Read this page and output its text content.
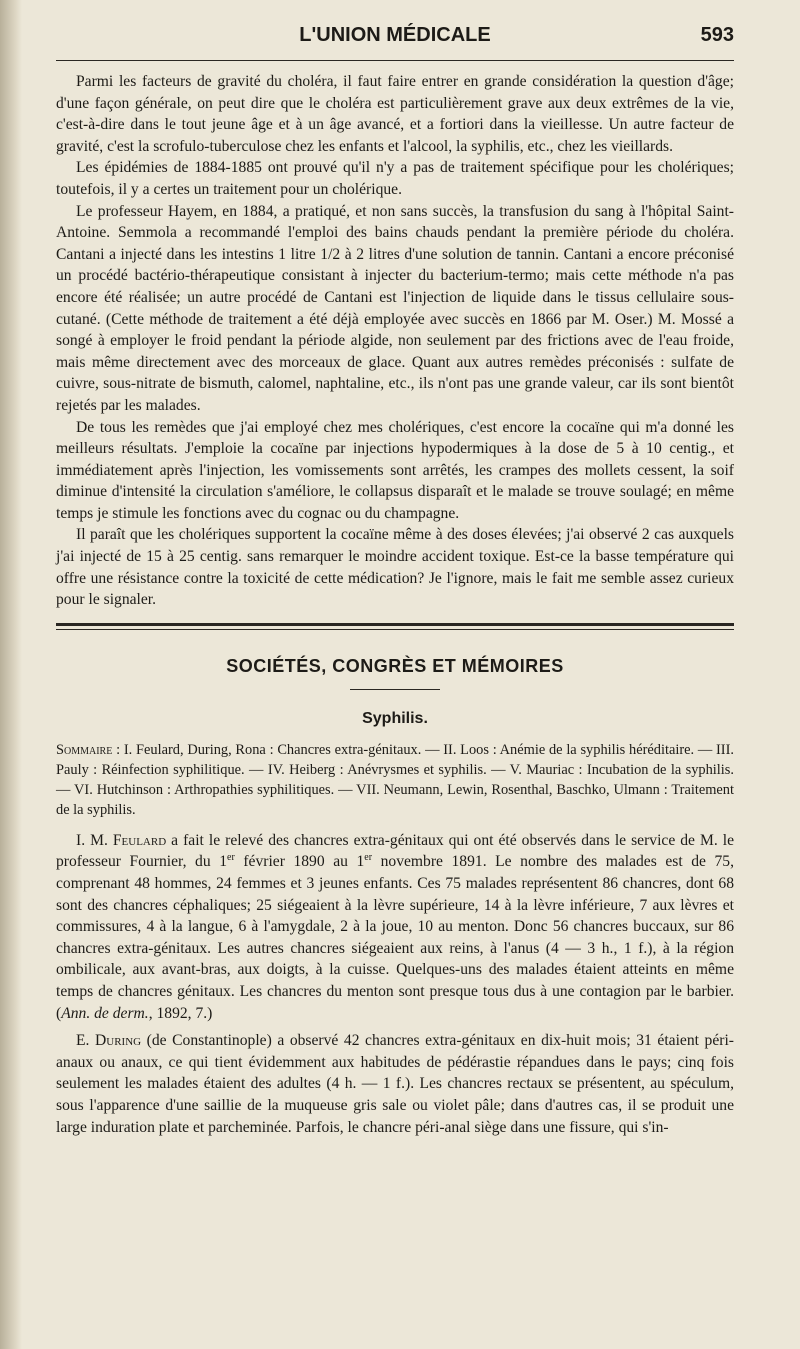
L'UNION MÉDICALE	593

Parmi les facteurs de gravité du choléra, il faut faire entrer en grande considération la question d'âge; d'une façon générale, on peut dire que le choléra est particulièrement grave aux deux extrêmes de la vie, c'est-à-dire dans le tout jeune âge et à un âge avancé, et a fortiori dans la vieillesse. Un autre facteur de gravité, c'est la scrofulo-tuberculose chez les enfants et l'alcool, la syphilis, etc., chez les vieillards.

Les épidémies de 1884-1885 ont prouvé qu'il n'y a pas de traitement spécifique pour les cholériques; toutefois, il y a certes un traitement pour un cholérique.

Le professeur Hayem, en 1884, a pratiqué, et non sans succès, la transfusion du sang à l'hôpital Saint-Antoine. Semmola a recommandé l'emploi des bains chauds pendant la première période du choléra. Cantani a injecté dans les intestins 1 litre 1/2 à 2 litres d'une solution de tannin. Cantani a encore préconisé un procédé bactério-thérapeutique consistant à injecter du bacterium-termo; mais cette méthode n'a pas encore été réalisée; un autre procédé de Cantani est l'injection de liquide dans le tissus cellulaire sous-cutané. (Cette méthode de traitement a été déjà employée avec succès en 1866 par M. Oser.) M. Mossé a songé à employer le froid pendant la période algide, non seulement par des frictions avec de l'eau froide, mais même directement avec des morceaux de glace. Quant aux autres remèdes préconisés : sulfate de cuivre, sous-nitrate de bismuth, calomel, naphtaline, etc., ils n'ont pas une grande valeur, car ils sont bientôt rejetés par les malades.

De tous les remèdes que j'ai employé chez mes cholériques, c'est encore la cocaïne qui m'a donné les meilleurs résultats. J'emploie la cocaïne par injections hypodermiques à la dose de 5 à 10 centig., et immédiatement après l'injection, les vomissements sont arrêtés, les crampes des mollets cessent, la soif diminue d'intensité la circulation s'améliore, le collapsus disparaît et le malade se trouve soulagé; en même temps je stimule les fonctions avec du cognac ou du champagne.

Il paraît que les cholériques supportent la cocaïne même à des doses élevées; j'ai observé 2 cas auxquels j'ai injecté de 15 à 25 centig. sans remarquer le moindre accident toxique. Est-ce la basse température qui offre une résistance contre la toxicité de cette médication? Je l'ignore, mais le fait me semble assez curieux pour le signaler.

SOCIÉTÉS, CONGRÈS ET MÉMOIRES
Syphilis.

Sommaire : I. Feulard, During, Rona : Chancres extra-génitaux. — II. Loos : Anémie de la syphilis héréditaire. — III. Pauly : Réinfection syphilitique. — IV. Heiberg : Anévrysmes et syphilis. — V. Mauriac : Incubation de la syphilis. — VI. Hutchinson : Arthropathies syphilitiques. — VII. Neumann, Lewin, Rosenthal, Baschko, Ulmann : Traitement de la syphilis.

I. M. Feulard a fait le relevé des chancres extra-génitaux qui ont été observés dans le service de M. le professeur Fournier, du 1er février 1890 au 1er novembre 1891. Le nombre des malades est de 75, comprenant 48 hommes, 24 femmes et 3 jeunes enfants. Ces 75 malades représentent 86 chancres, dont 68 sont des chancres céphaliques; 25 siégeaient à la lèvre supérieure, 14 à la lèvre inférieure, 7 aux lèvres et commissures, 4 à la langue, 6 à l'amygdale, 2 à la joue, 10 au menton. Donc 56 chancres buccaux, sur 86 chancres extra-génitaux. Les autres chancres siégeaient aux reins, à l'anus (4 — 3 h., 1 f.), à la région ombilicale, aux avant-bras, aux doigts, à la cuisse. Quelques-uns des malades étaient atteints en même temps de chancres génitaux. Les chancres du menton sont presque tous dus à une contagion par le barbier. (Ann. de derm., 1892, 7.)

E. During (de Constantinople) a observé 42 chancres extra-génitaux en dix-huit mois; 31 étaient péri-anaux ou anaux, ce qui tient évidemment aux habitudes de pédérastie répandues dans le pays; cinq fois seulement les malades étaient des adultes (4 h. — 1 f.). Les chancres rectaux se présentent, au spéculum, sous l'apparence d'une saillie de la muqueuse gris sale ou violet pâle; dans d'autres cas, il se produit une large induration plate et parcheminée. Parfois, le chancre péri-anal siège dans une fissure, qui s'in-
